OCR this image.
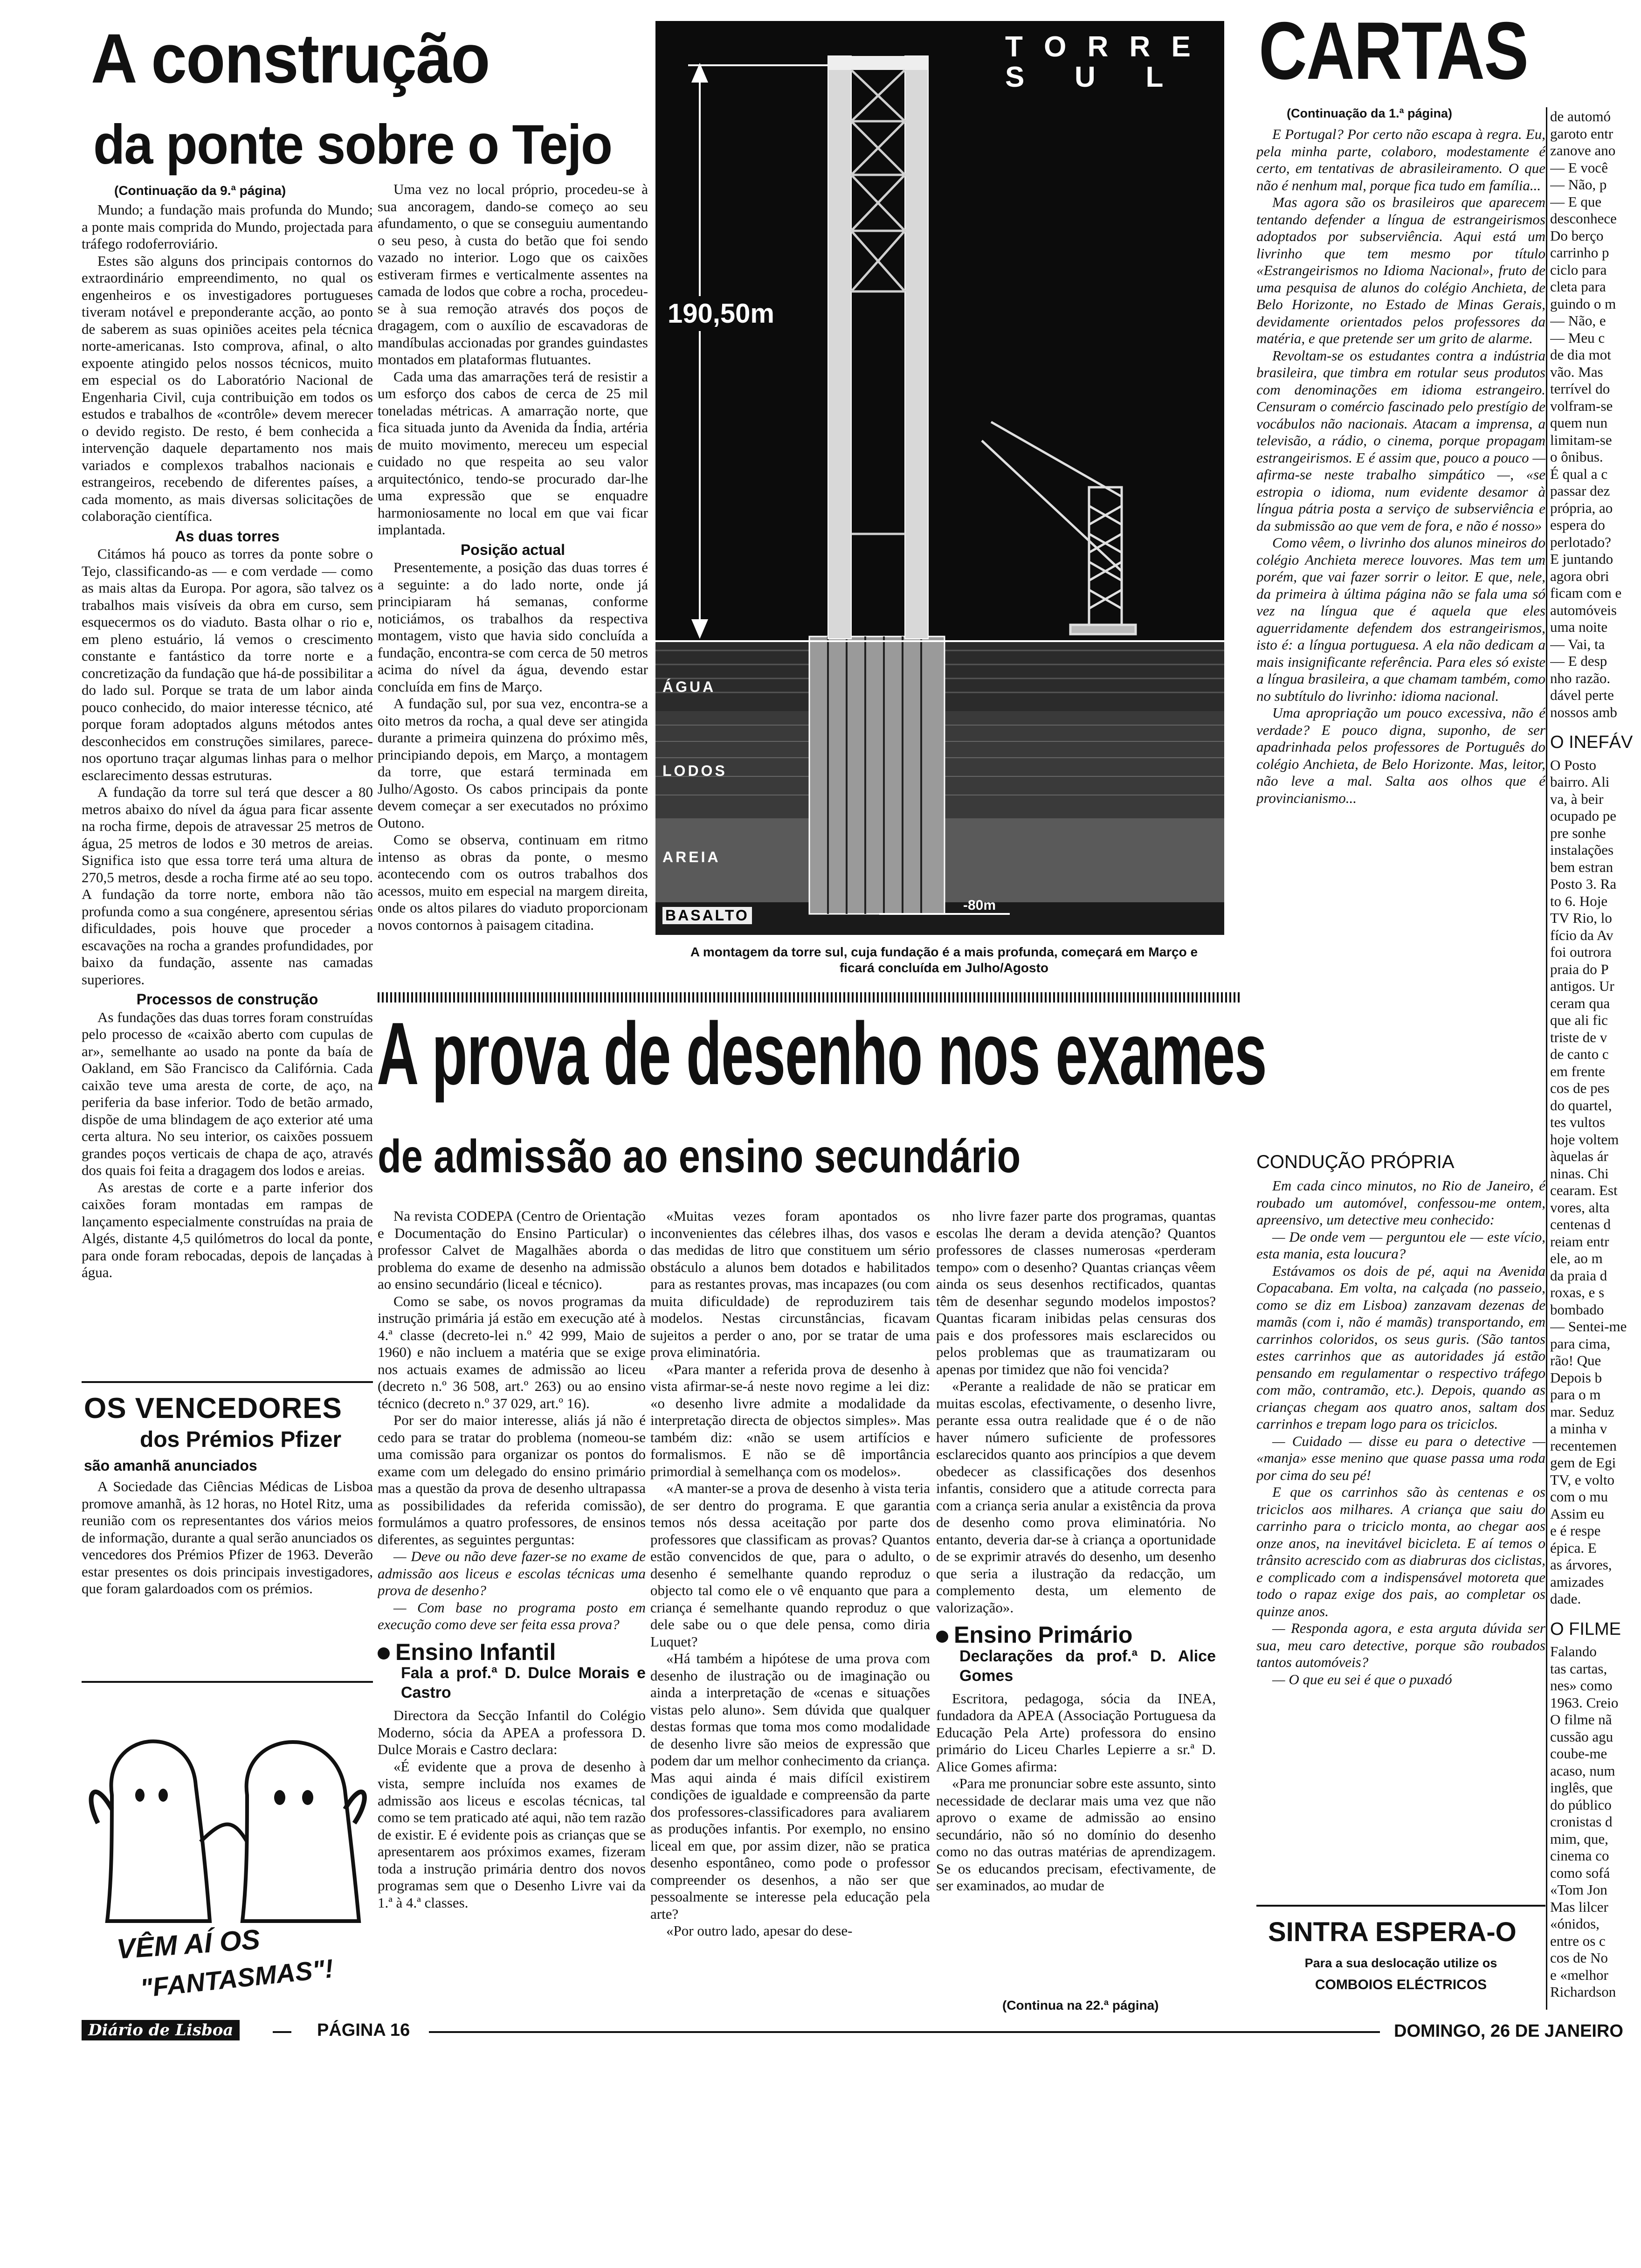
A construção
da ponte sobre o Tejo
(Continuação da 9.ª página)

Mundo; a fundação mais profunda do Mundo; a ponte mais comprida do Mundo, projectada para tráfego rodoferroviário.

Estes são alguns dos principais contornos do extraordinário empreendimento, no qual os engenheiros e os investigadores portugueses tiveram notável e preponderante acção, ao ponto de saberem as suas opiniões aceites pela técnica norte-americanas. Isto comprova, afinal, o alto expoente atingido pelos nossos técnicos, muito em especial os do Laboratório Nacional de Engenharia Civil, cuja contribuição em todos os estudos e trabalhos de «contrôle» devem merecer o devido registo. De resto, é bem conhecida a intervenção daquele departamento nos mais variados e complexos trabalhos nacionais e estrangeiros, recebendo de diferentes países, a cada momento, as mais diversas solicitações de colaboração científica.

As duas torres

Citámos há pouco as torres da ponte sobre o Tejo, classificando-as — e com verdade — como as mais altas da Europa. Por agora, são talvez os trabalhos mais visíveis da obra em curso, sem esquecermos os do viaduto. Basta olhar o rio e, em pleno estuário, lá vemos o crescimento constante e fantástico da torre norte e a concretização da fundação que há-de possibilitar a do lado sul. Porque se trata de um labor ainda pouco conhecido, do maior interesse técnico, até porque foram adoptados alguns métodos antes desconhecidos em construções similares, parece-nos oportuno traçar algumas linhas para o melhor esclarecimento dessas estruturas.

A fundação da torre sul terá que descer a 80 metros abaixo do nível da água para ficar assente na rocha firme, depois de atravessar 25 metros de água, 25 metros de lodos e 30 metros de areias. Significa isto que essa torre terá uma altura de 270,5 metros, desde a rocha firme até ao seu topo. A fundação da torre norte, embora não tão profunda como a sua congénere, apresentou sérias dificuldades, pois houve que proceder a escavações na rocha a grandes profundidades, por baixo da fundação, assente nas camadas superiores.

Processos de construção

As fundações das duas torres foram construídas pelo processo de «caixão aberto com cupulas de ar», semelhante ao usado na ponte da baía de Oakland, em São Francisco da Califórnia. Cada caixão teve uma aresta de corte, de aço, na periferia da base inferior. Todo de betão armado, dispõe de uma blindagem de aço exterior até uma certa altura. No seu interior, os caixões possuem grandes poços verticais de chapa de aço, através dos quais foi feita a dragagem dos lodos e areias.

As arestas de corte e a parte inferior dos caixões foram montadas em rampas de lançamento especialmente construídas na praia de Algés, distante 4,5 quilómetros do local da ponte, para onde foram rebocadas, depois de lançadas à água.

Uma vez no local próprio, procedeu-se à sua ancoragem, dando-se começo ao seu afundamento, o que se conseguiu aumentando o seu peso, à custa do betão que foi sendo vazado no interior. Logo que os caixões estiveram firmes e verticalmente assentes na camada de lodos que cobre a rocha, procedeu-se à sua remoção através dos poços de dragagem, com o auxílio de escavadoras de mandíbulas accionadas por grandes guindastes montados em plataformas flutuantes.

Cada uma das amarrações terá de resistir a um esforço dos cabos de cerca de 25 mil toneladas métricas. A amarração norte, que fica situada junto da Avenida da Índia, artéria de muito movimento, mereceu um especial cuidado no que respeita ao seu valor arquitectónico, tendo-se procurado dar-lhe uma expressão que se enquadre harmoniosamente no local em que vai ficar implantada.

Posição actual

Presentemente, a posição das duas torres é a seguinte: a do lado norte, onde já principiaram há semanas, conforme noticiámos, os trabalhos da respectiva montagem, visto que havia sido concluída a fundação, encontra-se com cerca de 50 metros acima do nível da água, devendo estar concluída em fins de Março.

A fundação sul, por sua vez, encontra-se a oito metros da rocha, a qual deve ser atingida durante a primeira quinzena do próximo mês, principiando depois, em Março, a montagem da torre, que estará terminada em Julho/Agosto. Os cabos principais da ponte devem começar a ser executados no próximo Outono.

Como se observa, continuam em ritmo intenso as obras da ponte, o mesmo acontecendo com os outros trabalhos dos acessos, muito em especial na margem direita, onde os altos pilares do viaduto proporcionam novos contornos à paisagem citadina.

T O R R E
S   U   L
190,50m
ÁGUA
LODOS
AREIA
BASALTO
-80m
A montagem da torre sul, cuja fundação é a mais profunda, começará em Março e ficará concluída em Julho/Agosto
OS VENCEDORES
dos Prémios Pfizer
são amanhã anunciados

A Sociedade das Ciências Médicas de Lisboa promove amanhã, às 12 horas, no Hotel Ritz, uma reunião com os representantes dos vários meios de informação, durante a qual serão anunciados os vencedores dos Prémios Pfizer de 1963. Deverão estar presentes os dois principais investigadores, que foram galardoados com os prémios.

VÊM AÍ OS
"FANTASMAS"!
A prova de desenho nos exames
de admissão ao ensino secundário

Na revista CODEPA (Centro de Orientação e Documentação do Ensino Particular) o professor Calvet de Magalhães aborda o problema do exame de desenho na admissão ao ensino secundário (liceal e técnico).

Como se sabe, os novos programas da instrução primária já estão em execução até à 4.ª classe (decreto-lei n.º 42 999, Maio de 1960) e não incluem a matéria que se exige nos actuais exames de admissão ao liceu (decreto n.º 36 508, art.º 263) ou ao ensino técnico (decreto n.º 37 029, art.º 16).

Por ser do maior interesse, aliás já não é cedo para se tratar do problema (nomeou-se uma comissão para organizar os pontos do exame com um delegado do ensino primário mas a questão da prova de desenho ultrapassa as possibilidades da referida comissão), formulámos a quatro professores, de ensinos diferentes, as seguintes perguntas:

— Deve ou não deve fazer-se no exame de admissão aos liceus e escolas técnicas uma prova de desenho?

— Com base no programa posto em execução como deve ser feita essa prova?

Ensino Infantil
Fala a prof.ª D. Dulce Morais e Castro

Directora da Secção Infantil do Colégio Moderno, sócia da APEA a professora D. Dulce Morais e Castro declara:

«É evidente que a prova de desenho à vista, sempre incluída nos exames de admissão aos liceus e escolas técnicas, tal como se tem praticado até aqui, não tem razão de existir. E é evidente pois as crianças que se apresentarem aos próximos exames, fizeram toda a instrução primária dentro dos novos programas sem que o Desenho Livre vai da 1.ª à 4.ª classes.

«Muitas vezes foram apontados os inconvenientes das célebres ilhas, dos vasos e das medidas de litro que constituem um sério obstáculo a alunos bem dotados e habilitados para as restantes provas, mas incapazes (ou com muita dificuldade) de reproduzirem tais modelos. Nestas circunstâncias, ficavam sujeitos a perder o ano, por se tratar de uma prova eliminatória.

«Para manter a referida prova de desenho à vista afirmar-se-á neste novo regime a lei diz: «o desenho livre admite a modalidade da interpretação directa de objectos simples». Mas também diz: «não se usem artifícios e formalismos. E não se dê importância primordial à semelhança com os modelos».

«A manter-se a prova de desenho à vista teria de ser dentro do programa. E que garantia temos nós dessa aceitação por parte dos professores que classificam as provas? Quantos estão convencidos de que, para o adulto, o desenho é semelhante quando reproduz o objecto tal como ele o vê enquanto que para a criança é semelhante quando reproduz o que dele sabe ou o que dele pensa, como diria Luquet?

«Há também a hipótese de uma prova com desenho de ilustração ou de imaginação ou ainda a interpretação de «cenas e situações vistas pelo aluno». Sem dúvida que qualquer destas formas que toma mos como modalidade de desenho livre são meios de expressão que podem dar um melhor conhecimento da criança. Mas aqui ainda é mais difícil existirem condições de igualdade e compreensão da parte dos professores-classificadores para avaliarem as produções infantis. Por exemplo, no ensino liceal em que, por assim dizer, não se pratica desenho espontâneo, como pode o professor compreender os desenhos, a não ser que pessoalmente se interesse pela educação pela arte?

«Por outro lado, apesar do dese-

nho livre fazer parte dos programas, quantas escolas lhe deram a devida atenção? Quantos professores de classes numerosas «perderam tempo» com o desenho? Quantas crianças vêem ainda os seus desenhos rectificados, quantas têm de desenhar segundo modelos impostos? Quantas ficaram inibidas pelas censuras dos pais e dos professores mais esclarecidos ou pelos problemas que as traumatizaram ou apenas por timidez que não foi vencida?

«Perante a realidade de não se praticar em muitas escolas, efectivamente, o desenho livre, perante essa outra realidade que é o de não haver número suficiente de professores esclarecidos quanto aos princípios a que devem obedecer as classificações dos desenhos infantis, considero que a atitude correcta para com a criança seria anular a existência da prova de desenho como prova eliminatória. No entanto, deveria dar-se à criança a oportunidade de se exprimir através do desenho, um desenho que seria a ilustração da redacção, um complemento desta, um elemento de valorização».

Ensino Primário
Declarações da prof.ª D. Alice Gomes

Escritora, pedagoga, sócia da INEA, fundadora da APEA (Associação Portuguesa da Educação Pela Arte) professora do ensino primário do Liceu Charles Lepierre a sr.ª D. Alice Gomes afirma:

«Para me pronunciar sobre este assunto, sinto necessidade de declarar mais uma vez que não aprovo o exame de admissão ao ensino secundário, não só no domínio do desenho como no das outras matérias de aprendizagem. Se os educandos precisam, efectivamente, de ser examinados, ao mudar de

(Continua na 22.ª página)
CARTAS
(Continuação da 1.ª página)

E Portugal? Por certo não escapa à regra. Eu, pela minha parte, colaboro, modestamente é certo, em tentativas de abrasileiramento. O que não é nenhum mal, porque fica tudo em família...

Mas agora são os brasileiros que aparecem tentando defender a língua de estrangeirismos adoptados por subserviência. Aqui está um livrinho que tem mesmo por título «Estrangeirismos no Idioma Nacional», fruto de uma pesquisa de alunos do colégio Anchieta, de Belo Horizonte, no Estado de Minas Gerais, devidamente orientados pelos professores da matéria, e que pretende ser um grito de alarme.

Revoltam-se os estudantes contra a indústria brasileira, que timbra em rotular seus produtos com denominações em idioma estrangeiro. Censuram o comércio fascinado pelo prestígio de vocábulos não nacionais. Atacam a imprensa, a televisão, a rádio, o cinema, porque propagam estrangeirismos. E é assim que, pouco a pouco — afirma-se neste trabalho simpático —, «se estropia o idioma, num evidente desamor à língua pátria posta a serviço de subserviência e da submissão ao que vem de fora, e não é nosso»

Como vêem, o livrinho dos alunos mineiros do colégio Anchieta merece louvores. Mas tem um porém, que vai fazer sorrir o leitor. E que, nele, da primeira à última página não se fala uma só vez na língua que é aquela que eles aguerridamente defendem dos estrangeirismos, isto é: a língua portuguesa. A ela não dedicam a mais insignificante referência. Para eles só existe a língua brasileira, a que chamam também, como no subtítulo do livrinho: idioma nacional.

Uma apropriação um pouco excessiva, não é verdade? E pouco digna, suponho, de ser apadrinhada pelos professores de Português do colégio Anchieta, de Belo Horizonte. Mas, leitor, não leve a mal. Salta aos olhos que é provincianismo...

CONDUÇÃO PRÓPRIA

Em cada cinco minutos, no Rio de Janeiro, é roubado um automóvel, confessou-me ontem, apreensivo, um detective meu conhecido:

— De onde vem — perguntou ele — este vício, esta mania, esta loucura?

Estávamos os dois de pé, aqui na Avenida Copacabana. Em volta, na calçada (no passeio, como se diz em Lisboa) zanzavam dezenas de mamãs (com i, não é mamãs) transportando, em carrinhos coloridos, os seus guris. (São tantos estes carrinhos que as autoridades já estão pensando em regulamentar o respectivo tráfego com mão, contramão, etc.). Depois, quando as crianças chegam aos quatro anos, saltam dos carrinhos e trepam logo para os triciclos.

— Cuidado — disse eu para o detective — «manja» esse menino que quase passa uma roda por cima do seu pé!

E que os carrinhos são às centenas e os triciclos aos milhares. A criança que saiu do carrinho para o triciclo monta, ao chegar aos onze anos, na inevitável bicicleta. E aí temos o trânsito acrescido com as diabruras dos ciclistas, e complicado com a indispensável motoreta que todo o rapaz exige dos pais, ao completar os quinze anos.

— Responda agora, e esta arguta dúvida ser sua, meu caro detective, porque são roubados tantos automóveis?

— O que eu sei é que o puxadó

SINTRA ESPERA-O
Para a sua deslocação utilize os
COMBOIOS ELÉCTRICOS
de automó
garoto entr
zanove ano
— E você
— Não, p
— E que
desconhece
Do berço
carrinho p
ciclo para
cleta para
guindo o m
— Não, e
— Meu c
de dia mot
vão. Mas
terrível do
volfram-se
quem nun
limitam-se
o ônibus.
É qual a c
passar dez
própria, ao
espera do
perlotado?
E juntando
agora obri
ficam com e
automóveis
uma noite
— Vai, ta
— E desp
nho razão.
dável perte
nossos amb
O INEFÁV
O Posto
bairro. Ali
va, à beir
ocupado pe
pre sonhe
instalações
bem estran
Posto 3. Ra
to 6. Hoje
TV Rio, lo
fício da Av
foi outrora
praia do P
antigos. Ur
ceram qua
que ali fic
triste de v
de canto c
em frente
cos de pes
do quartel,
tes vultos
hoje voltem
àquelas ár
ninas. Chi
cearam. Est
vores, alta
centenas d
reiam entr
ele, ao m
da praia d
roxas, e s
bombado
— Sentei-me
para cima,
rão! Que
Depois b
para o m
mar. Seduz
a minha v
recentemen
gem de Egi
TV, e volto
com o mu
Assim eu
e é respe
épica. E
as árvores,
amizades
dade.
O FILME
Falando
tas cartas,
nes» como
1963. Creio
O filme nã
cussão agu
coube-me
acaso, num
inglês, que
do público
cronistas d
mim, que,
cinema co
como sofá
«Tom Jon
Mas lilcer
«ónidos,
entre os c
cos de No
e «melhor
Richardson
Diário de Lisboa	PÁGINA 16	DOMINGO, 26 DE JANEIRO
